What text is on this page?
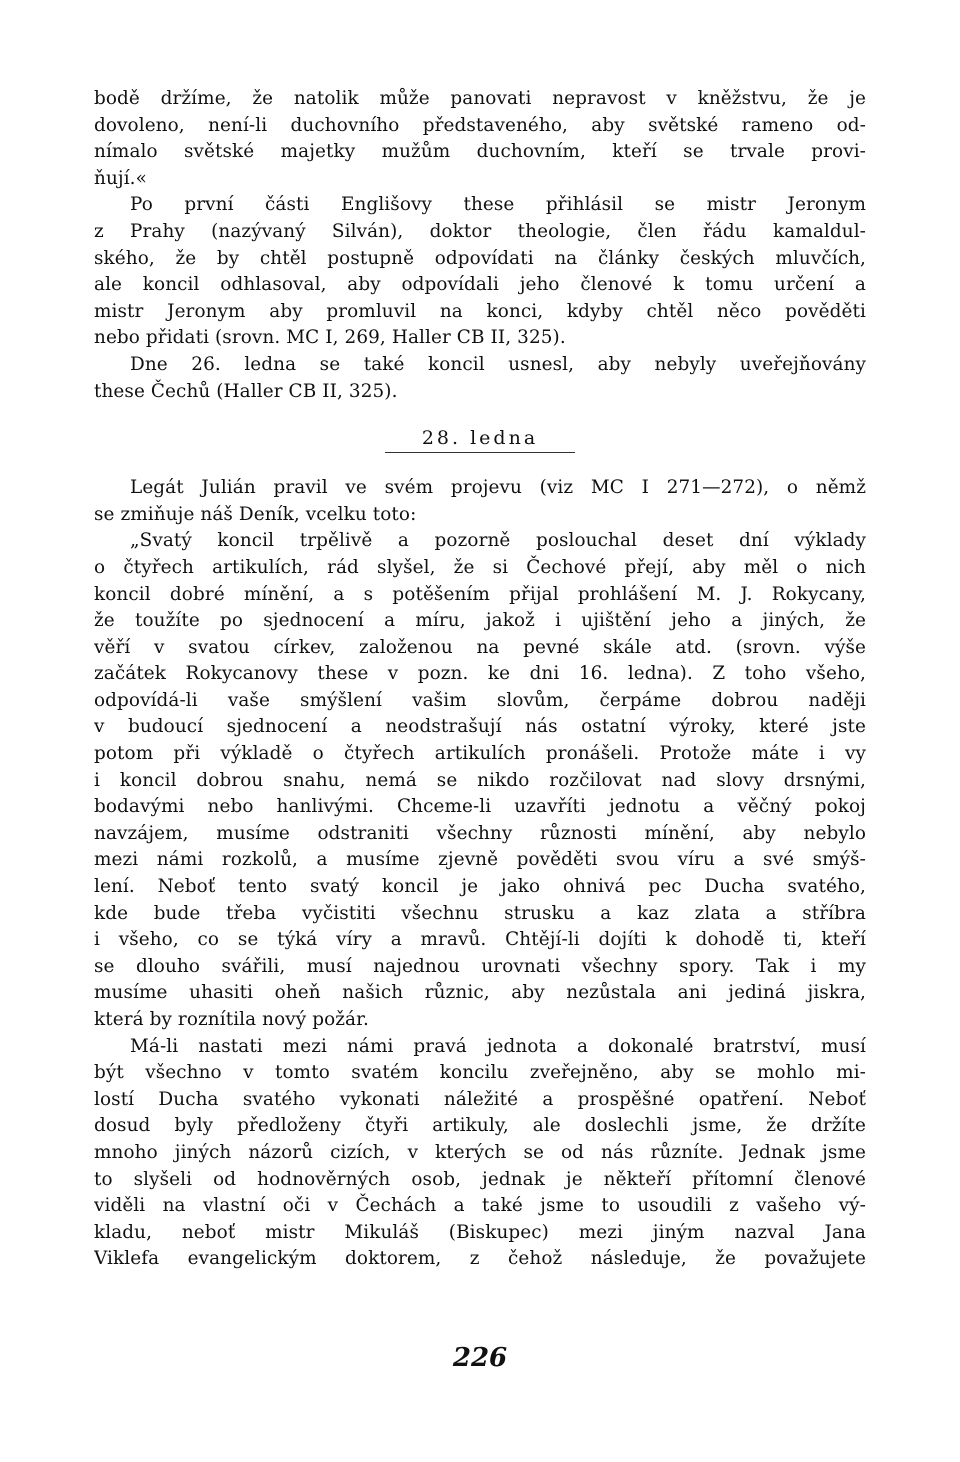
bodě držíme, že natolik může panovati nepravost v kněžstvu, že je
dovoleno, není-li duchovního představeného, aby světské rameno od-
nímalo světské majetky mužům duchovním, kteří se trvale provi-
ňují.«
Po první části Englišovy these přihlásil se mistr Jeronym
z Prahy (nazývaný Silván), doktor theologie, člen řádu kamaldul-
ského, že by chtěl postupně odpovídati na články českých mluvčích,
ale koncil odhlasoval, aby odpovídali jeho členové k tomu určení a
mistr Jeronym aby promluvil na konci, kdyby chtěl něco pověděti
nebo přidati (srovn. MC I, 269, Haller CB II, 325).
Dne 26. ledna se také koncil usnesl, aby nebyly uveřejňovány
these Čechů (Haller CB II, 325).
28. ledna
Legát Julián pravil ve svém projevu (viz MC I 271—272), o němž
se zmiňuje náš Deník, vcelku toto:
„Svatý koncil trpělivě a pozorně poslouchal deset dní výklady
o čtyřech artikulích, rád slyšel, že si Čechové přejí, aby měl o nich
koncil dobré mínění, a s potěšením přijal prohlášení M. J. Rokycany,
že toužíte po sjednocení a míru, jakož i ujištění jeho a jiných, že
věří v svatou církev, založenou na pevné skále atd. (srovn. výše
začátek Rokycanovy these v pozn. ke dni 16. ledna). Z toho všeho,
odpovídá-li vaše smýšlení vašim slovům, čerpáme dobrou naději
v budoucí sjednocení a neodstrašují nás ostatní výroky, které jste
potom při výkladě o čtyřech artikulích pronášeli. Protože máte i vy
i koncil dobrou snahu, nemá se nikdo rozčilovat nad slovy drsnými,
bodavými nebo hanlivými. Chceme-li uzavříti jednotu a věčný pokoj
navzájem, musíme odstraniti všechny různosti mínění, aby nebylo
mezi námi rozkolů, a musíme zjevně pověděti svou víru a své smýš-
lení. Neboť tento svatý koncil je jako ohnivá pec Ducha svatého,
kde bude třeba vyčistiti všechnu strusku a kaz zlata a stříbra
i všeho, co se týká víry a mravů. Chtějí-li dojíti k dohodě ti, kteří
se dlouho svářili, musí najednou urovnati všechny spory. Tak i my
musíme uhasiti oheň našich různic, aby nezůstala ani jediná jiskra,
která by roznítila nový požár.
Má-li nastati mezi námi pravá jednota a dokonalé bratrství, musí
být všechno v tomto svatém koncilu zveřejněno, aby se mohlo mi-
lostí Ducha svatého vykonati náležité a prospěšné opatření. Neboť
dosud byly předloženy čtyři artikuly, ale doslechli jsme, že držíte
mnoho jiných názorů cizích, v kterých se od nás různíte. Jednak jsme
to slyšeli od hodnověrných osob, jednak je někteří přítomní členové
viděli na vlastní oči v Čechách a také jsme to usoudili z vašeho vý-
kladu, neboť mistr Mikuláš (Biskupec) mezi jiným nazval Jana
Viklefa evangelickým doktorem, z čehož následuje, že považujete
226
